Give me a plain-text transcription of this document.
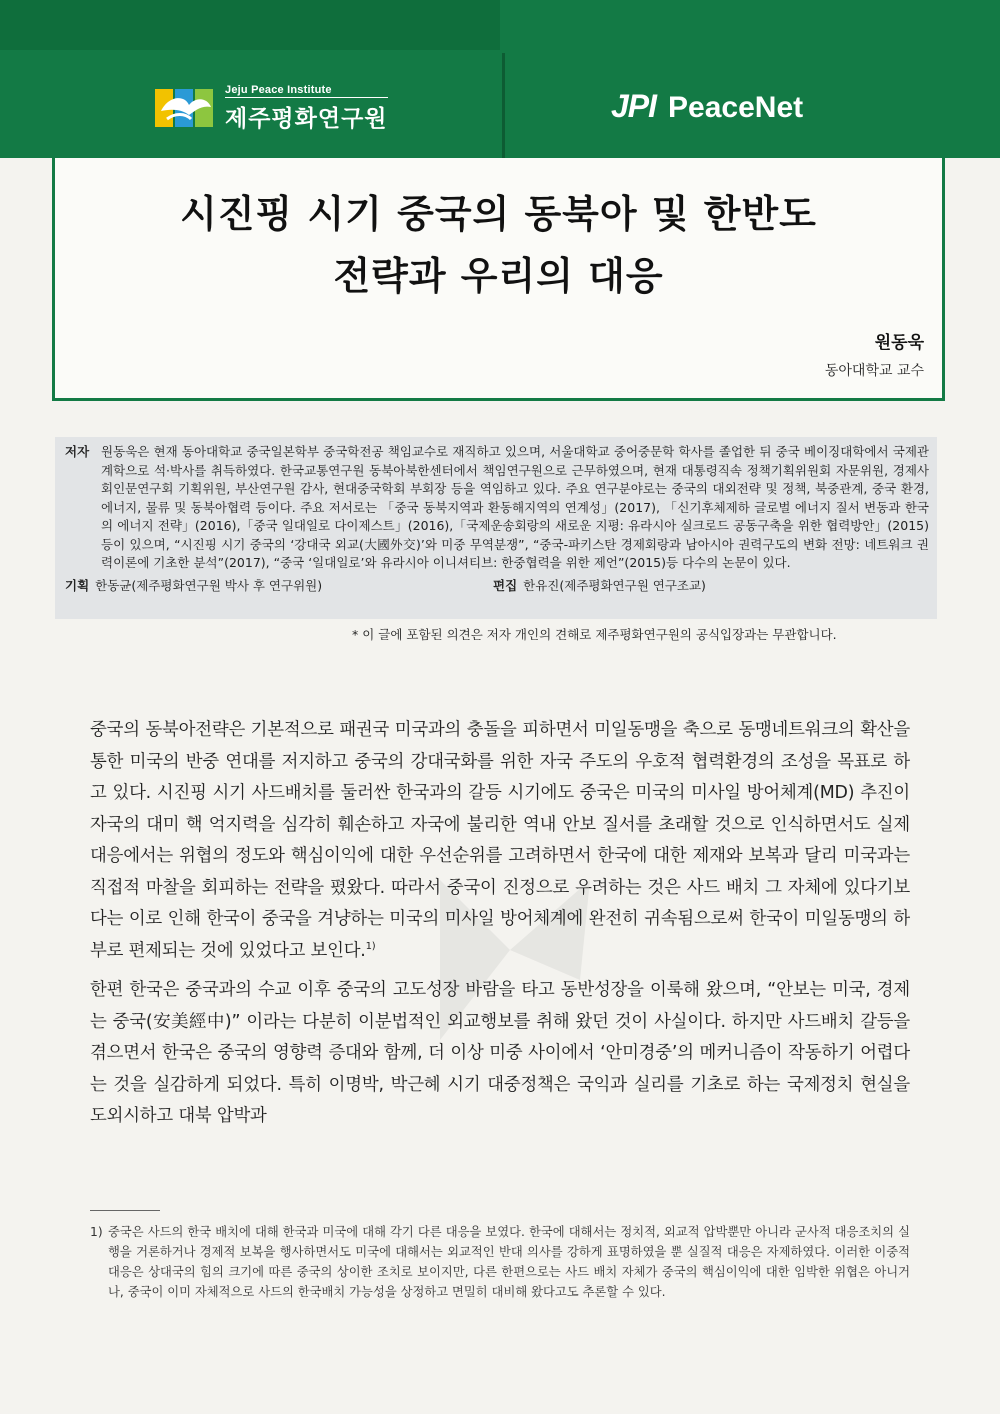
Jeju Peace Institute
제주평화연구원	JPI PeaceNet
시진핑 시기 중국의 동북아 및 한반도
전략과 우리의 대응
원동욱
동아대학교 교수
저자 원동욱은 현재 동아대학교 중국일본학부 중국학전공 책임교수로 재직하고 있으며, 서울대학교 중어중문학 학사를 졸업한 뒤 중국 베이징대학에서 국제관계학으로 석·박사를 취득하였다. 한국교통연구원 동북아북한센터에서 책임연구원으로 근무하였으며, 현재 대통령직속 정책기획위원회 자문위원, 경제사회인문연구회 기획위원, 부산연구원 감사, 현대중국학회 부회장 등을 역임하고 있다. 주요 연구분야로는 중국의 대외전략 및 정책, 북중관계, 중국 환경, 에너지, 물류 및 동북아협력 등이다. 주요 저서로는 「중국 동북지역과 환동해지역의 연계성」(2017), 「신기후체제하 글로벌 에너지 질서 변동과 한국의 에너지 전략」(2016),「중국 일대일로 다이제스트」(2016),「국제운송회랑의 새로운 지평: 유라시아 실크로드 공동구축을 위한 협력방안」(2015) 등이 있으며, “시진핑 시기 중국의 ‘강대국 외교(大國外交)’와 미중 무역분쟁”, “중국-파키스탄 경제회랑과 남아시아 권력구도의 변화 전망: 네트워크 권력이론에 기초한 분석”(2017), “중국 ‘일대일로’와 유라시아 이니셔티브: 한중협력을 위한 제언”(2015)등 다수의 논문이 있다.
기획 한동균(제주평화연구원 박사 후 연구위원)	편집 한유진(제주평화연구원 연구조교)
* 이 글에 포함된 의견은 저자 개인의 견해로 제주평화연구원의 공식입장과는 무관합니다.

중국의 동북아전략은 기본적으로 패권국 미국과의 충돌을 피하면서 미일동맹을 축으로 동맹네트워크의 확산을 통한 미국의 반중 연대를 저지하고 중국의 강대국화를 위한 자국 주도의 우호적 협력환경의 조성을 목표로 하고 있다. 시진핑 시기 사드배치를 둘러싼 한국과의 갈등 시기에도 중국은 미국의 미사일 방어체계(MD) 추진이 자국의 대미 핵 억지력을 심각히 훼손하고 자국에 불리한 역내 안보 질서를 초래할 것으로 인식하면서도 실제 대응에서는 위협의 정도와 핵심이익에 대한 우선순위를 고려하면서 한국에 대한 제재와 보복과 달리 미국과는 직접적 마찰을 회피하는 전략을 폈왔다. 따라서 중국이 진정으로 우려하는 것은 사드 배치 그 자체에 있다기보다는 이로 인해 한국이 중국을 겨냥하는 미국의 미사일 방어체계에 완전히 귀속됨으로써 한국이 미일동맹의 하부로 편제되는 것에 있었다고 보인다.$^{1)}$

한편 한국은 중국과의 수교 이후 중국의 고도성장 바람을 타고 동반성장을 이룩해 왔으며, “안보는 미국, 경제는 중국(安美經中)” 이라는 다분히 이분법적인 외교행보를 취해 왔던 것이 사실이다. 하지만 사드배치 갈등을 겪으면서 한국은 중국의 영향력 증대와 함께, 더 이상 미중 사이에서 ‘안미경중’의 메커니즘이 작동하기 어렵다는 것을 실감하게 되었다. 특히 이명박, 박근혜 시기 대중정책은 국익과 실리를 기초로 하는 국제정치 현실을 도외시하고 대북 압박과

1) 중국은 사드의 한국 배치에 대해 한국과 미국에 대해 각기 다른 대응을 보였다. 한국에 대해서는 정치적, 외교적 압박뿐만 아니라 군사적 대응조치의 실행을 거론하거나 경제적 보복을 행사하면서도 미국에 대해서는 외교적인 반대 의사를 강하게 표명하였을 뿐 실질적 대응은 자제하였다. 이러한 이중적 대응은 상대국의 힘의 크기에 따른 중국의 상이한 조치로 보이지만, 다른 한편으로는 사드 배치 자체가 중국의 핵심이익에 대한 임박한 위협은 아니거나, 중국이 이미 자체적으로 사드의 한국배치 가능성을 상정하고 면밀히 대비해 왔다고도 추론할 수 있다.
